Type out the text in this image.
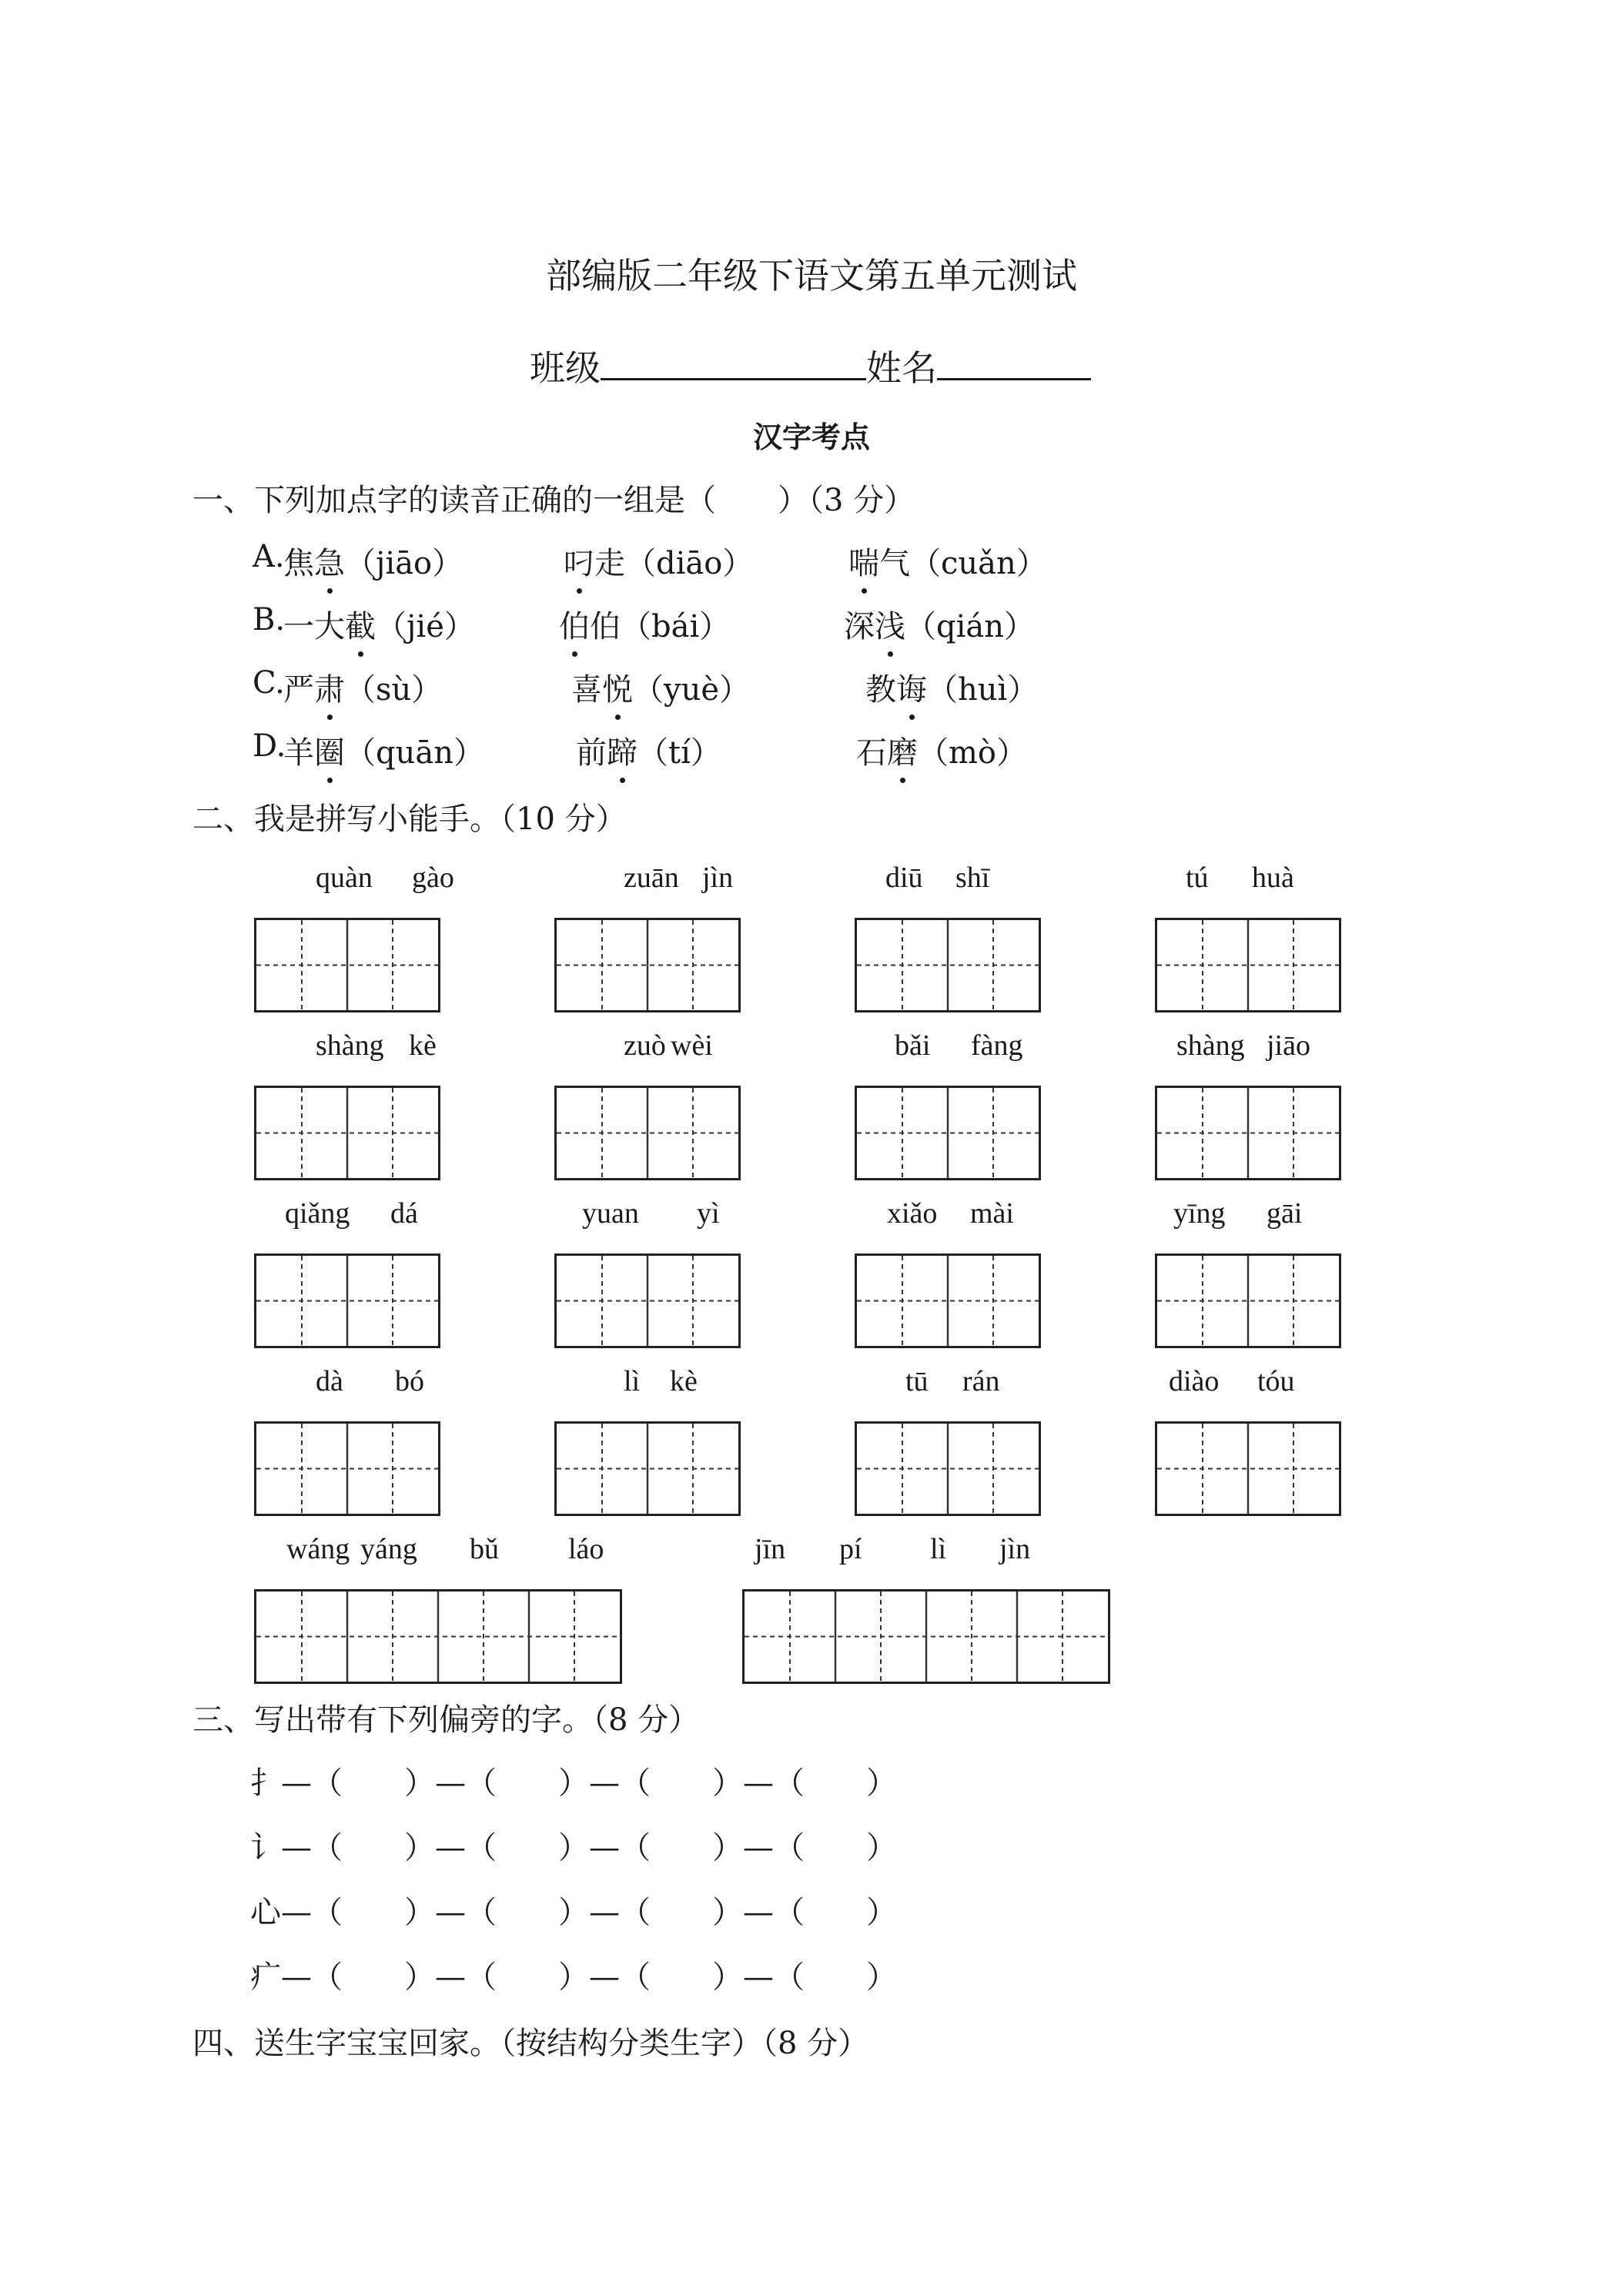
部编版二年级下语文第五单元测试
班级	姓名
汉字考点
一、下列加点字的读音正确的一组是（　　）（3 分）
A.
焦急（jiāo）	叼走（diāo）	喘气（cuǎn）
B.
一大截（jié）	伯伯（bái）	深浅（qián）
C.
严肃（sù）	喜悦（yuè）	教诲（huì）
D.
羊圈（quān）	前蹄（tí）	石磨（mò）
二、我是拼写小能手。（10 分）
quàn gào	zuān jìn	diū shī	tú huà
shàng kè	zuò wèi	bǎi fàng	shàng jiāo
qiǎng dá	yuan yì	xiǎo mài	yīng gāi
dà bó	lì kè	tū rán	diào tóu
wáng yáng bǔ láo	jīn pí lì jìn
三、写出带有下列偏旁的字。（8 分）
扌—（　　）—（　　）—（　　）—（　　）
讠—（　　）—（　　）—（　　）—（　　）
心—（　　）—（　　）—（　　）—（　　）
疒—（　　）—（　　）—（　　）—（　　）
四、送生字宝宝回家。（按结构分类生字）（8 分）
